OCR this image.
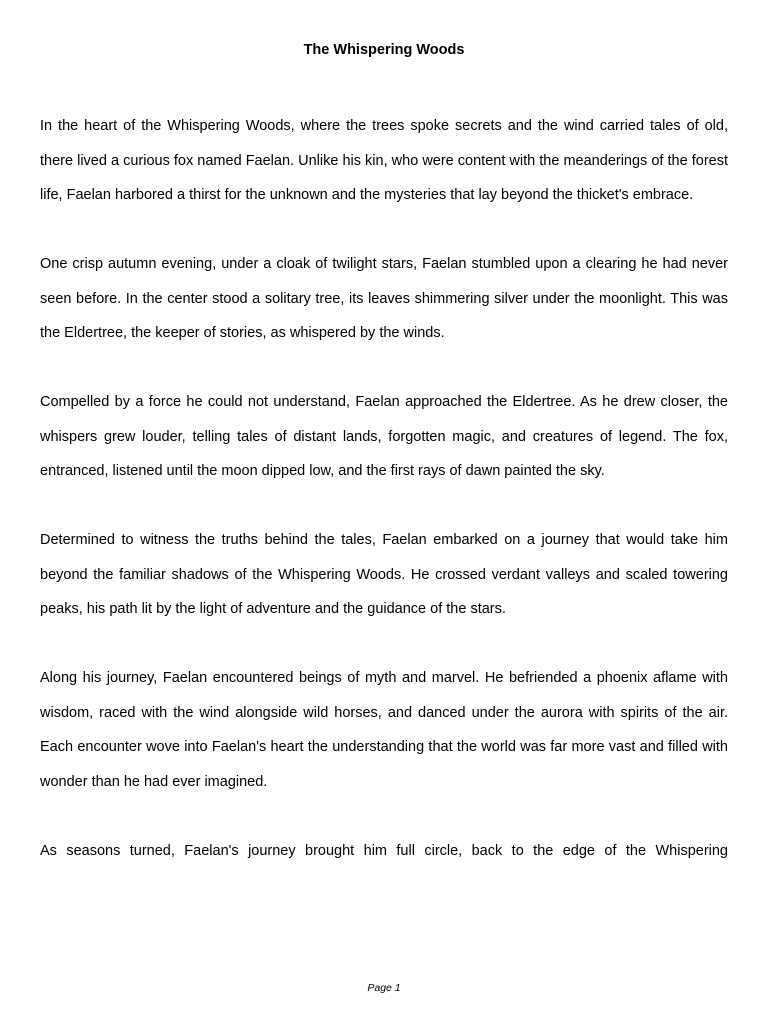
The Whispering Woods

In the heart of the Whispering Woods, where the trees spoke secrets and the wind carried tales of old, there lived a curious fox named Faelan. Unlike his kin, who were content with the meanderings of the forest life, Faelan harbored a thirst for the unknown and the mysteries that lay beyond the thicket's embrace.

One crisp autumn evening, under a cloak of twilight stars, Faelan stumbled upon a clearing he had never seen before. In the center stood a solitary tree, its leaves shimmering silver under the moonlight. This was the Eldertree, the keeper of stories, as whispered by the winds.

Compelled by a force he could not understand, Faelan approached the Eldertree. As he drew closer, the whispers grew louder, telling tales of distant lands, forgotten magic, and creatures of legend. The fox, entranced, listened until the moon dipped low, and the first rays of dawn painted the sky.

Determined to witness the truths behind the tales, Faelan embarked on a journey that would take him beyond the familiar shadows of the Whispering Woods. He crossed verdant valleys and scaled towering peaks, his path lit by the light of adventure and the guidance of the stars.

Along his journey, Faelan encountered beings of myth and marvel. He befriended a phoenix aflame with wisdom, raced with the wind alongside wild horses, and danced under the aurora with spirits of the air. Each encounter wove into Faelan's heart the understanding that the world was far more vast and filled with wonder than he had ever imagined.

As seasons turned, Faelan's journey brought him full circle, back to the edge of the Whispering

Page 1
